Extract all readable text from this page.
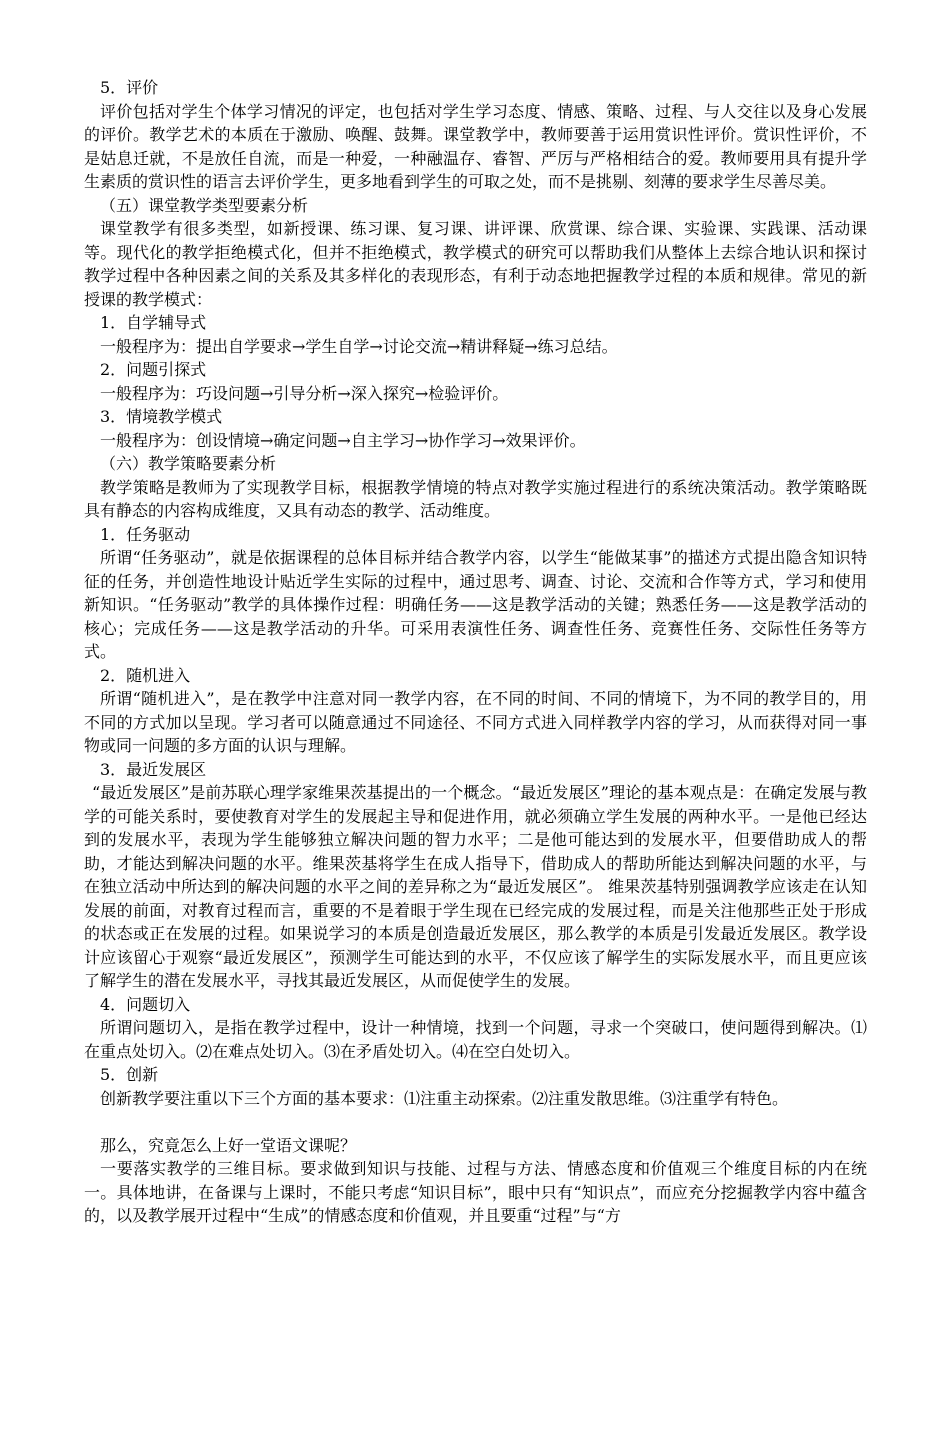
5．评价

评价包括对学生个体学习情况的评定，也包括对学生学习态度、情感、策略、过程、与人交往以及身心发展的评价。教学艺术的本质在于激励、唤醒、鼓舞。课堂教学中，教师要善于运用赏识性评价。赏识性评价，不是姑息迁就，不是放任自流，而是一种爱，一种融温存、睿智、严厉与严格相结合的爱。教师要用具有提升学生素质的赏识性的语言去评价学生，更多地看到学生的可取之处，而不是挑剔、刻薄的要求学生尽善尽美。

（五）课堂教学类型要素分析

课堂教学有很多类型，如新授课、练习课、复习课、讲评课、欣赏课、综合课、实验课、实践课、活动课等。现代化的教学拒绝模式化，但并不拒绝模式，教学模式的研究可以帮助我们从整体上去综合地认识和探讨教学过程中各种因素之间的关系及其多样化的表现形态，有利于动态地把握教学过程的本质和规律。常见的新授课的教学模式：

1．自学辅导式

一般程序为：提出自学要求→学生自学→讨论交流→精讲释疑→练习总结。

2．问题引探式

一般程序为：巧设问题→引导分析→深入探究→检验评价。

3．情境教学模式

一般程序为：创设情境→确定问题→自主学习→协作学习→效果评价。

（六）教学策略要素分析

教学策略是教师为了实现教学目标，根据教学情境的特点对教学实施过程进行的系统决策活动。教学策略既具有静态的内容构成维度，又具有动态的教学、活动维度。

1．任务驱动

所谓“任务驱动”，就是依据课程的总体目标并结合教学内容，以学生“能做某事”的描述方式提出隐含知识特征的任务，并创造性地设计贴近学生实际的过程中，通过思考、调查、讨论、交流和合作等方式，学习和使用新知识。“任务驱动”教学的具体操作过程：明确任务——这是教学活动的关键；熟悉任务——这是教学活动的核心；完成任务——这是教学活动的升华。可采用表演性任务、调查性任务、竞赛性任务、交际性任务等方式。

2．随机进入

所谓“随机进入”，是在教学中注意对同一教学内容，在不同的时间、不同的情境下，为不同的教学目的，用不同的方式加以呈现。学习者可以随意通过不同途径、不同方式进入同样教学内容的学习，从而获得对同一事物或同一问题的多方面的认识与理解。

3．最近发展区

“最近发展区”是前苏联心理学家维果茨基提出的一个概念。“最近发展区”理论的基本观点是：在确定发展与教学的可能关系时，要使教育对学生的发展起主导和促进作用，就必须确立学生发展的两种水平。一是他已经达到的发展水平，表现为学生能够独立解决问题的智力水平；二是他可能达到的发展水平，但要借助成人的帮助，才能达到解决问题的水平。维果茨基将学生在成人指导下，借助成人的帮助所能达到解决问题的水平，与在独立活动中所达到的解决问题的水平之间的差异称之为“最近发展区”。 维果茨基特别强调教学应该走在认知发展的前面，对教育过程而言，重要的不是着眼于学生现在已经完成的发展过程，而是关注他那些正处于形成的状态或正在发展的过程。如果说学习的本质是创造最近发展区，那么教学的本质是引发最近发展区。教学设计应该留心于观察“最近发展区”，预测学生可能达到的水平，不仅应该了解学生的实际发展水平，而且更应该了解学生的潜在发展水平，寻找其最近发展区，从而促使学生的发展。

4．问题切入

所谓问题切入，是指在教学过程中，设计一种情境，找到一个问题，寻求一个突破口，使问题得到解决。⑴在重点处切入。⑵在难点处切入。⑶在矛盾处切入。⑷在空白处切入。

5．创新

创新教学要注重以下三个方面的基本要求：⑴注重主动探索。⑵注重发散思维。⑶注重学有特色。

那么，究竟怎么上好一堂语文课呢？

一要落实教学的三维目标。要求做到知识与技能、过程与方法、情感态度和价值观三个维度目标的内在统一。具体地讲，在备课与上课时，不能只考虑“知识目标”，眼中只有“知识点”，而应充分挖掘教学内容中蕴含的，以及教学展开过程中“生成”的情感态度和价值观，并且要重“过程”与“方
